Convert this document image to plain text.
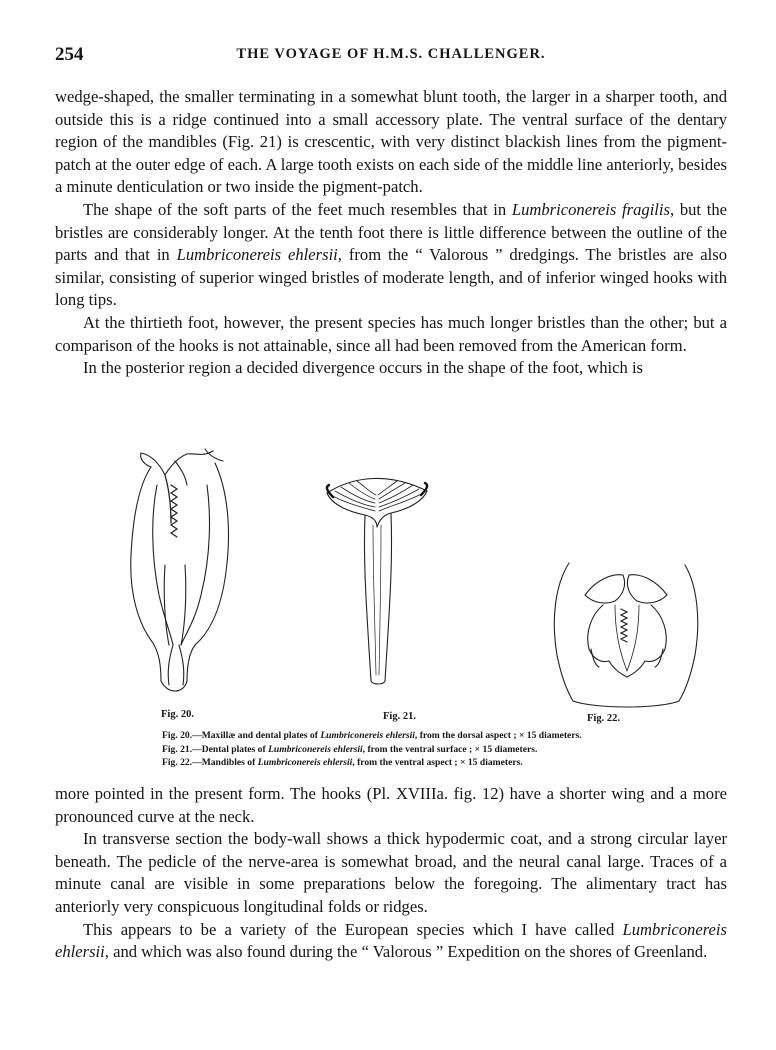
254	THE VOYAGE OF H.M.S. CHALLENGER.

wedge-shaped, the smaller terminating in a somewhat blunt tooth, the larger in a sharper tooth, and outside this is a ridge continued into a small accessory plate. The ventral surface of the dentary region of the mandibles (Fig. 21) is crescentic, with very distinct blackish lines from the pigment-patch at the outer edge of each. A large tooth exists on each side of the middle line anteriorly, besides a minute denticulation or two inside the pigment-patch.

The shape of the soft parts of the feet much resembles that in Lumbriconereis fragilis, but the bristles are considerably longer. At the tenth foot there is little difference between the outline of the parts and that in Lumbriconereis ehlersii, from the “ Valorous ” dredgings. The bristles are also similar, consisting of superior winged bristles of moderate length, and of inferior winged hooks with long tips.

At the thirtieth foot, however, the present species has much longer bristles than the other; but a comparison of the hooks is not attainable, since all had been removed from the American form.

In the posterior region a decided divergence occurs in the shape of the foot, which is

Fig. 20.	Fig. 21.	Fig. 22.
Fig. 20.—Maxillæ and dental plates of Lumbriconereis ehlersii, from the dorsal aspect ; × 15 diameters.
Fig. 21.—Dental plates of Lumbriconereis ehlersii, from the ventral surface ; × 15 diameters.
Fig. 22.—Mandibles of Lumbriconereis ehlersii, from the ventral aspect ; × 15 diameters.

more pointed in the present form. The hooks (Pl. XVIIIa. fig. 12) have a shorter wing and a more pronounced curve at the neck.

In transverse section the body-wall shows a thick hypodermic coat, and a strong circular layer beneath. The pedicle of the nerve-area is somewhat broad, and the neural canal large. Traces of a minute canal are visible in some preparations below the foregoing. The alimentary tract has anteriorly very conspicuous longitudinal folds or ridges.

This appears to be a variety of the European species which I have called Lumbriconereis ehlersii, and which was also found during the “ Valorous ” Expedition on the shores of Greenland.
